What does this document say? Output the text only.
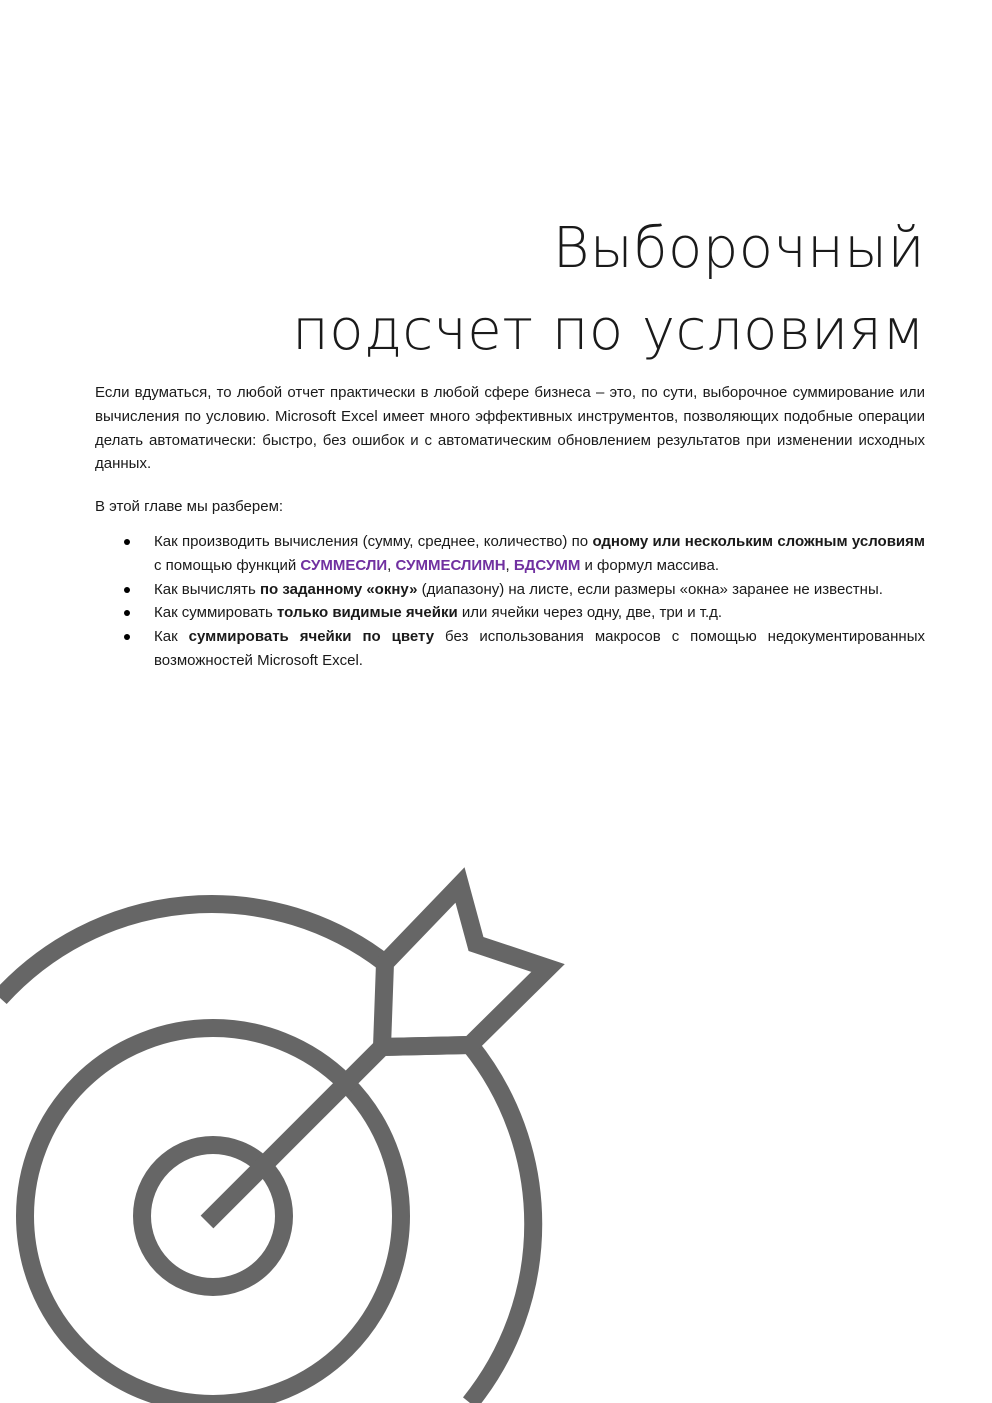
Выборочный
подсчет по условиям

Если вдуматься, то любой отчет практически в любой сфере бизнеса – это, по сути, выборочное суммирование или вычисления по условию. Microsoft Excel имеет много эффективных инструментов, позволяющих подобные операции делать автоматически: быстро, без ошибок и с автоматическим обновлением результатов при изменении исходных данных.

В этой главе мы разберем:

Как производить вычисления (сумму, среднее, количество) по одному или нескольким сложным условиям с помощью функций СУММЕСЛИ, СУММЕСЛИМН, БДСУММ и формул массива.
Как вычислять по заданному «окну» (диапазону) на листе, если размеры «окна» заранее не известны.
Как суммировать только видимые ячейки или ячейки через одну, две, три и т.д.
Как суммировать ячейки по цвету без использования макросов с помощью недокументированных возможностей Microsoft Excel.
